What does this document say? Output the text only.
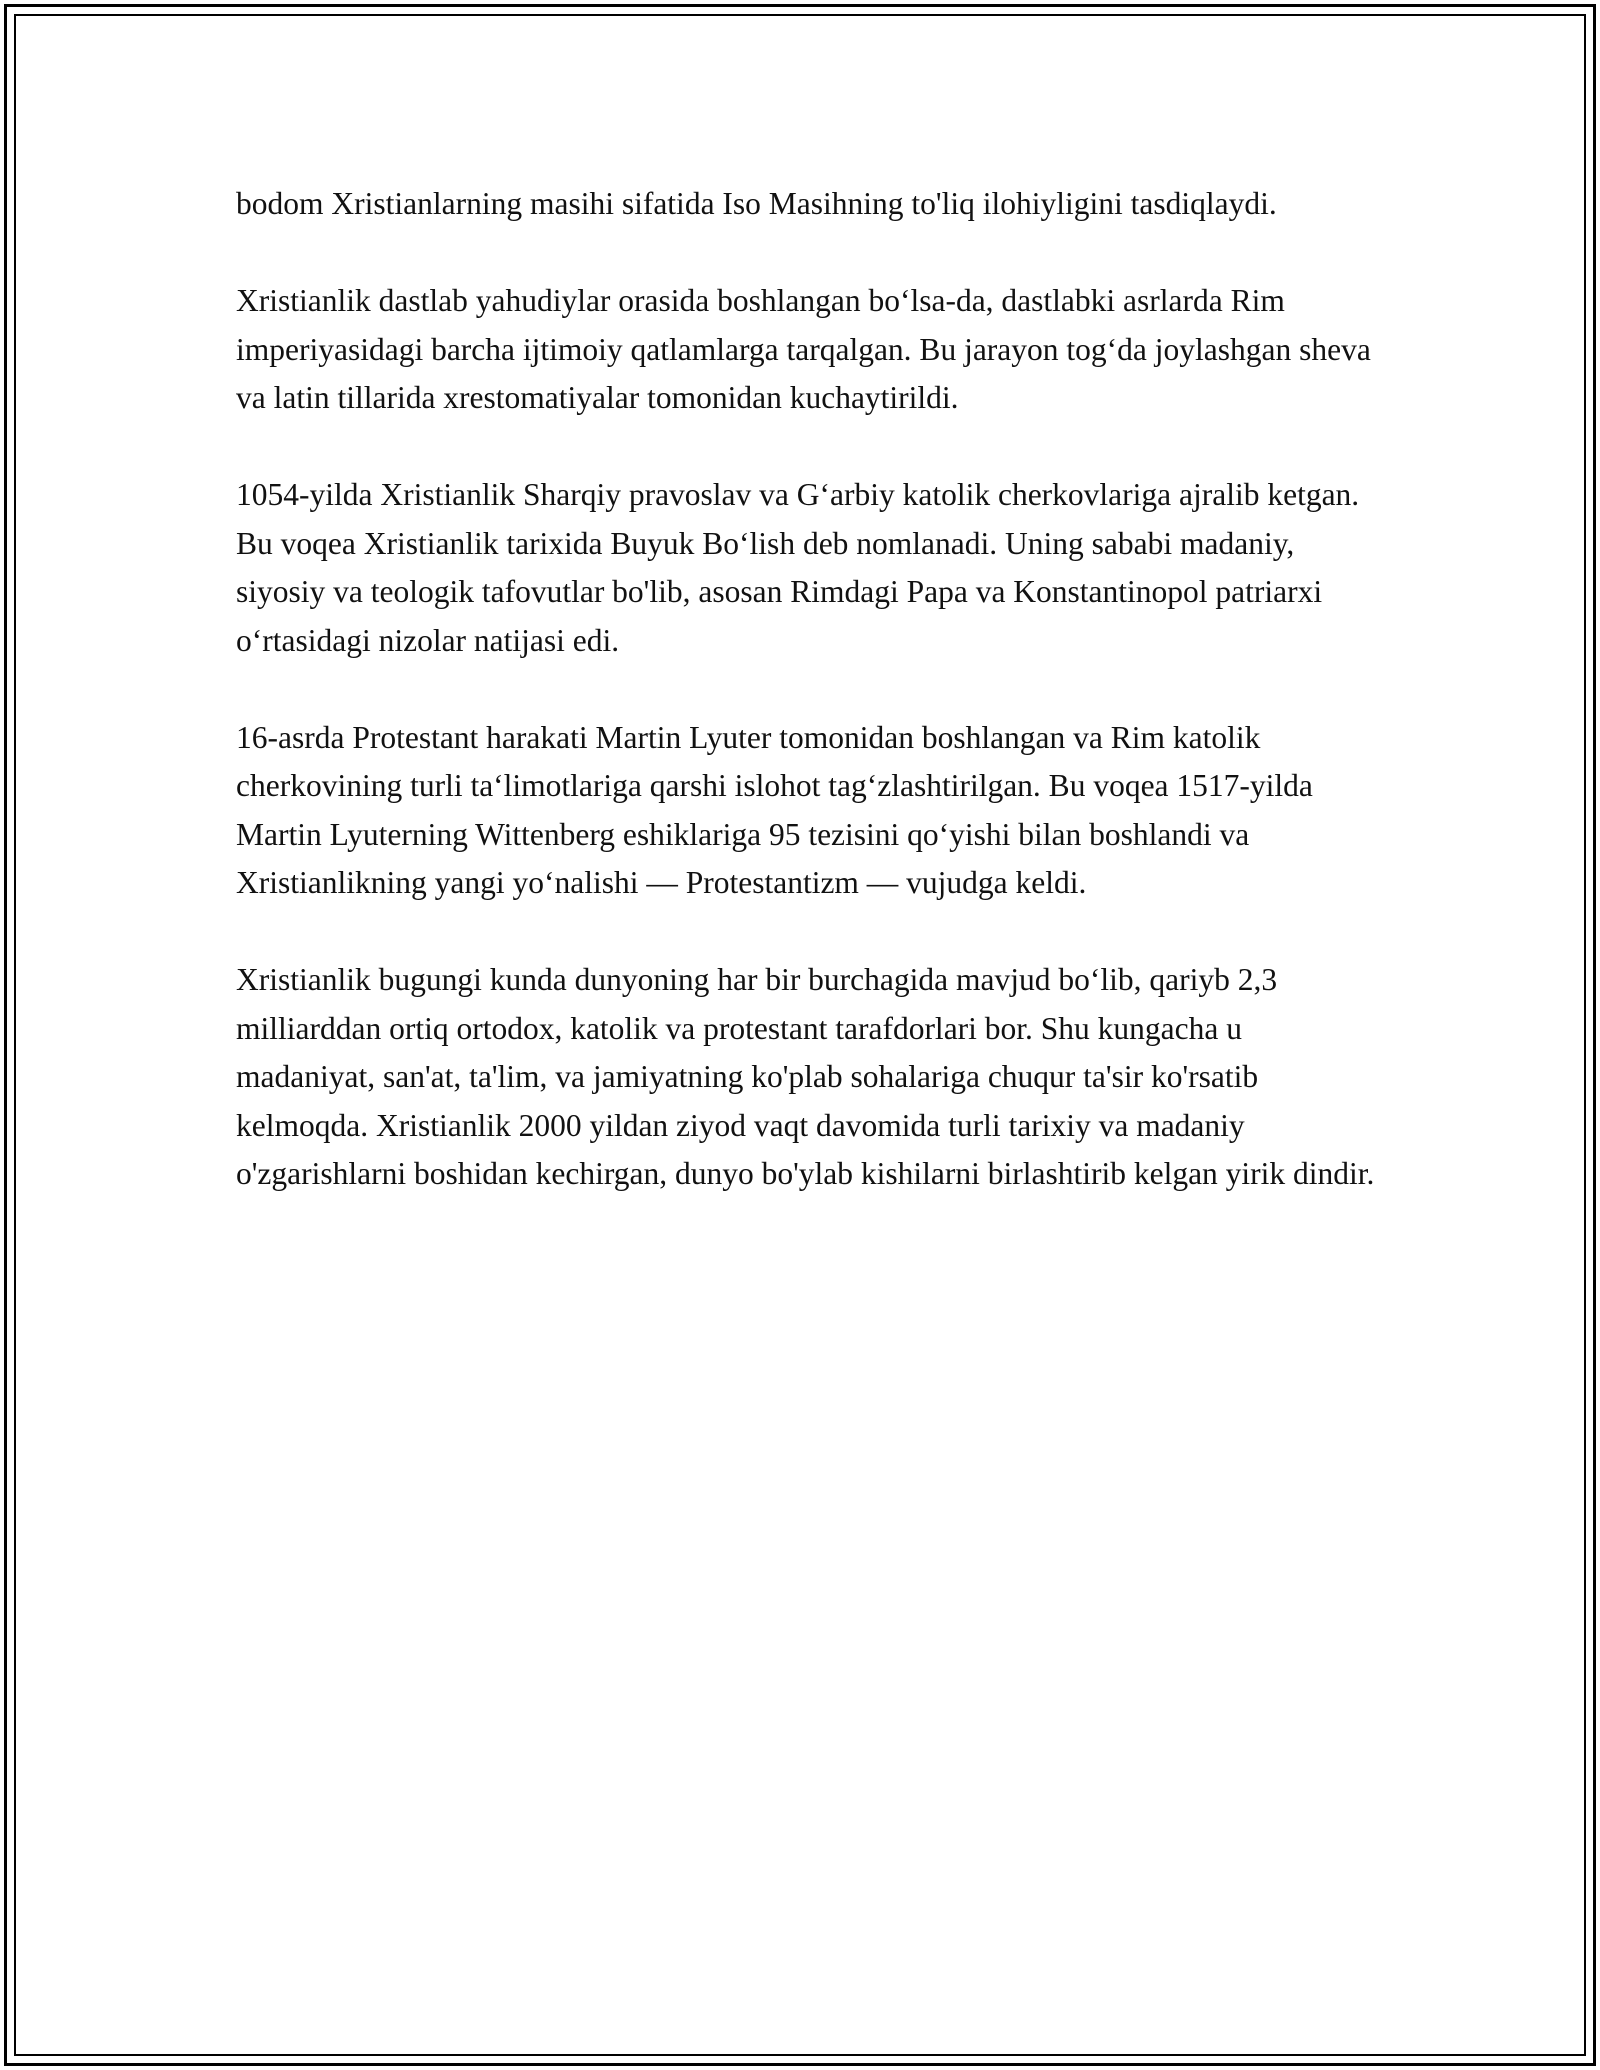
bodom Xristianlarning masihi sifatida Iso Masihning to'liq ilohiyligini tasdiqlaydi.

Xristianlik dastlab yahudiylar orasida boshlangan bo‘lsa-da, dastlabki asrlarda Rim imperiyasidagi barcha ijtimoiy qatlamlarga tarqalgan. Bu jarayon tog‘da joylashgan sheva va latin tillarida xrestomatiyalar tomonidan kuchaytirildi.

1054-yilda Xristianlik Sharqiy pravoslav va G‘arbiy katolik cherkovlariga ajralib ketgan. Bu voqea Xristianlik tarixida Buyuk Bo‘lish deb nomlanadi. Uning sababi madaniy, siyosiy va teologik tafovutlar bo'lib, asosan Rimdagi Papa va Konstantinopol patriarxi o‘rtasidagi nizolar natijasi edi.

16-asrda Protestant harakati Martin Lyuter tomonidan boshlangan va Rim katolik cherkovining turli ta‘limotlariga qarshi islohot tag‘zlashtirilgan. Bu voqea 1517-yilda Martin Lyuterning Wittenberg eshiklariga 95 tezisini qo‘yishi bilan boshlandi va Xristianlikning yangi yo‘nalishi — Protestantizm — vujudga keldi.

Xristianlik bugungi kunda dunyoning har bir burchagida mavjud bo‘lib, qariyb 2,3 milliarddan ortiq ortodox, katolik va protestant tarafdorlari bor. Shu kungacha u madaniyat, san'at, ta'lim, va jamiyatning ko'plab sohalariga chuqur ta'sir ko'rsatib kelmoqda. Xristianlik 2000 yildan ziyod vaqt davomida turli tarixiy va madaniy o'zgarishlarni boshidan kechirgan, dunyo bo'ylab kishilarni birlashtirib kelgan yirik dindir.
